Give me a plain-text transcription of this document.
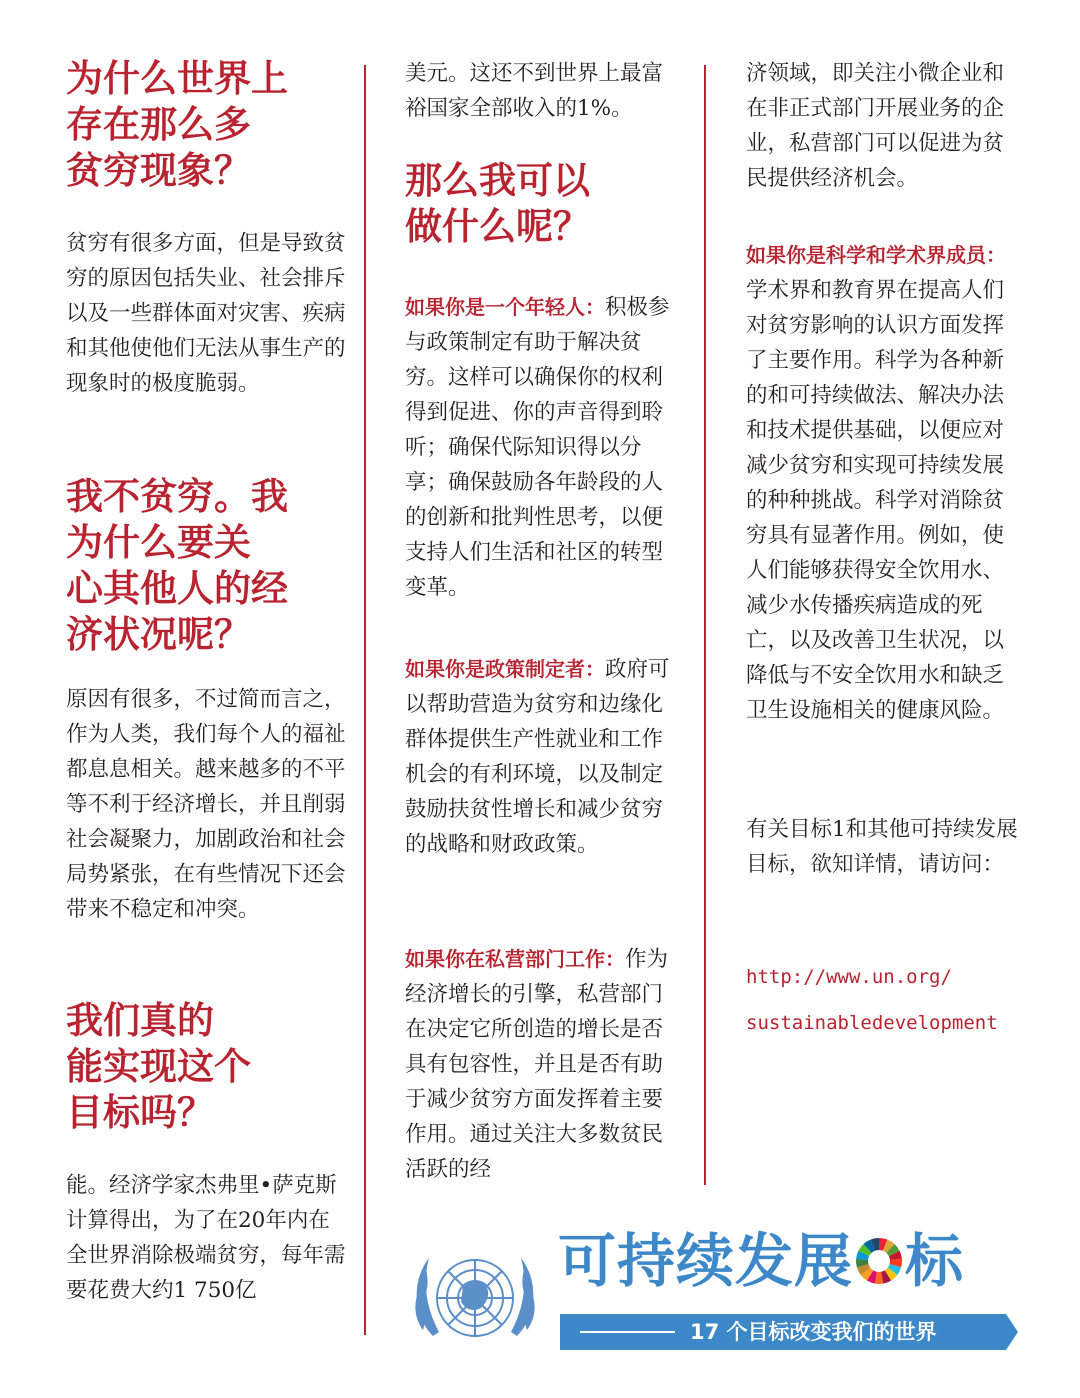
为什么世界上
存在那么多
贫穷现象？
贫穷有很多方面，但是导致贫穷的原因包括失业、社会排斥以及一些群体面对灾害、疾病和其他使他们无法从事生产的现象时的极度脆弱。
我不贫穷。我
为什么要关
心其他人的经
济状况呢？
原因有很多，不过简而言之，作为人类，我们每个人的福祉都息息相关。越来越多的不平等不利于经济增长，并且削弱社会凝聚力，加剧政治和社会局势紧张，在有些情况下还会带来不稳定和冲突。
我们真的
能实现这个
目标吗？
能。经济学家杰弗里•萨克斯计算得出，为了在20年内在全世界消除极端贫穷，每年需要花费大约1 750亿
美元。这还不到世界上最富裕国家全部收入的1%。
那么我可以
做什么呢？
如果你是一个年轻人：积极参与政策制定有助于解决贫穷。这样可以确保你的权利得到促进、你的声音得到聆听；确保代际知识得以分享；确保鼓励各年龄段的人的创新和批判性思考，以便支持人们生活和社区的转型变革。
如果你是政策制定者：政府可以帮助营造为贫穷和边缘化群体提供生产性就业和工作机会的有利环境，以及制定鼓励扶贫性增长和减少贫穷的战略和财政政策。
如果你在私营部门工作：作为经济增长的引擎，私营部门在决定它所创造的增长是否具有包容性，并且是否有助于减少贫穷方面发挥着主要作用。通过关注大多数贫民活跃的经
济领域，即关注小微企业和在非正式部门开展业务的企业，私营部门可以促进为贫民提供经济机会。
如果你是科学和学术界成员：学术界和教育界在提高人们对贫穷影响的认识方面发挥了主要作用。科学为各种新的和可持续做法、解决办法和技术提供基础，以便应对减少贫穷和实现可持续发展的种种挑战。科学对消除贫穷具有显著作用。例如，使人们能够获得安全饮用水、减少水传播疾病造成的死亡，以及改善卫生状况，以降低与不安全饮用水和缺乏卫生设施相关的健康风险。
有关目标1和其他可持续发展目标，欲知详情，请访问：
http://www.un.org/
sustainabledevelopment
可持续发展 标
17 个目标改变我们的世界
